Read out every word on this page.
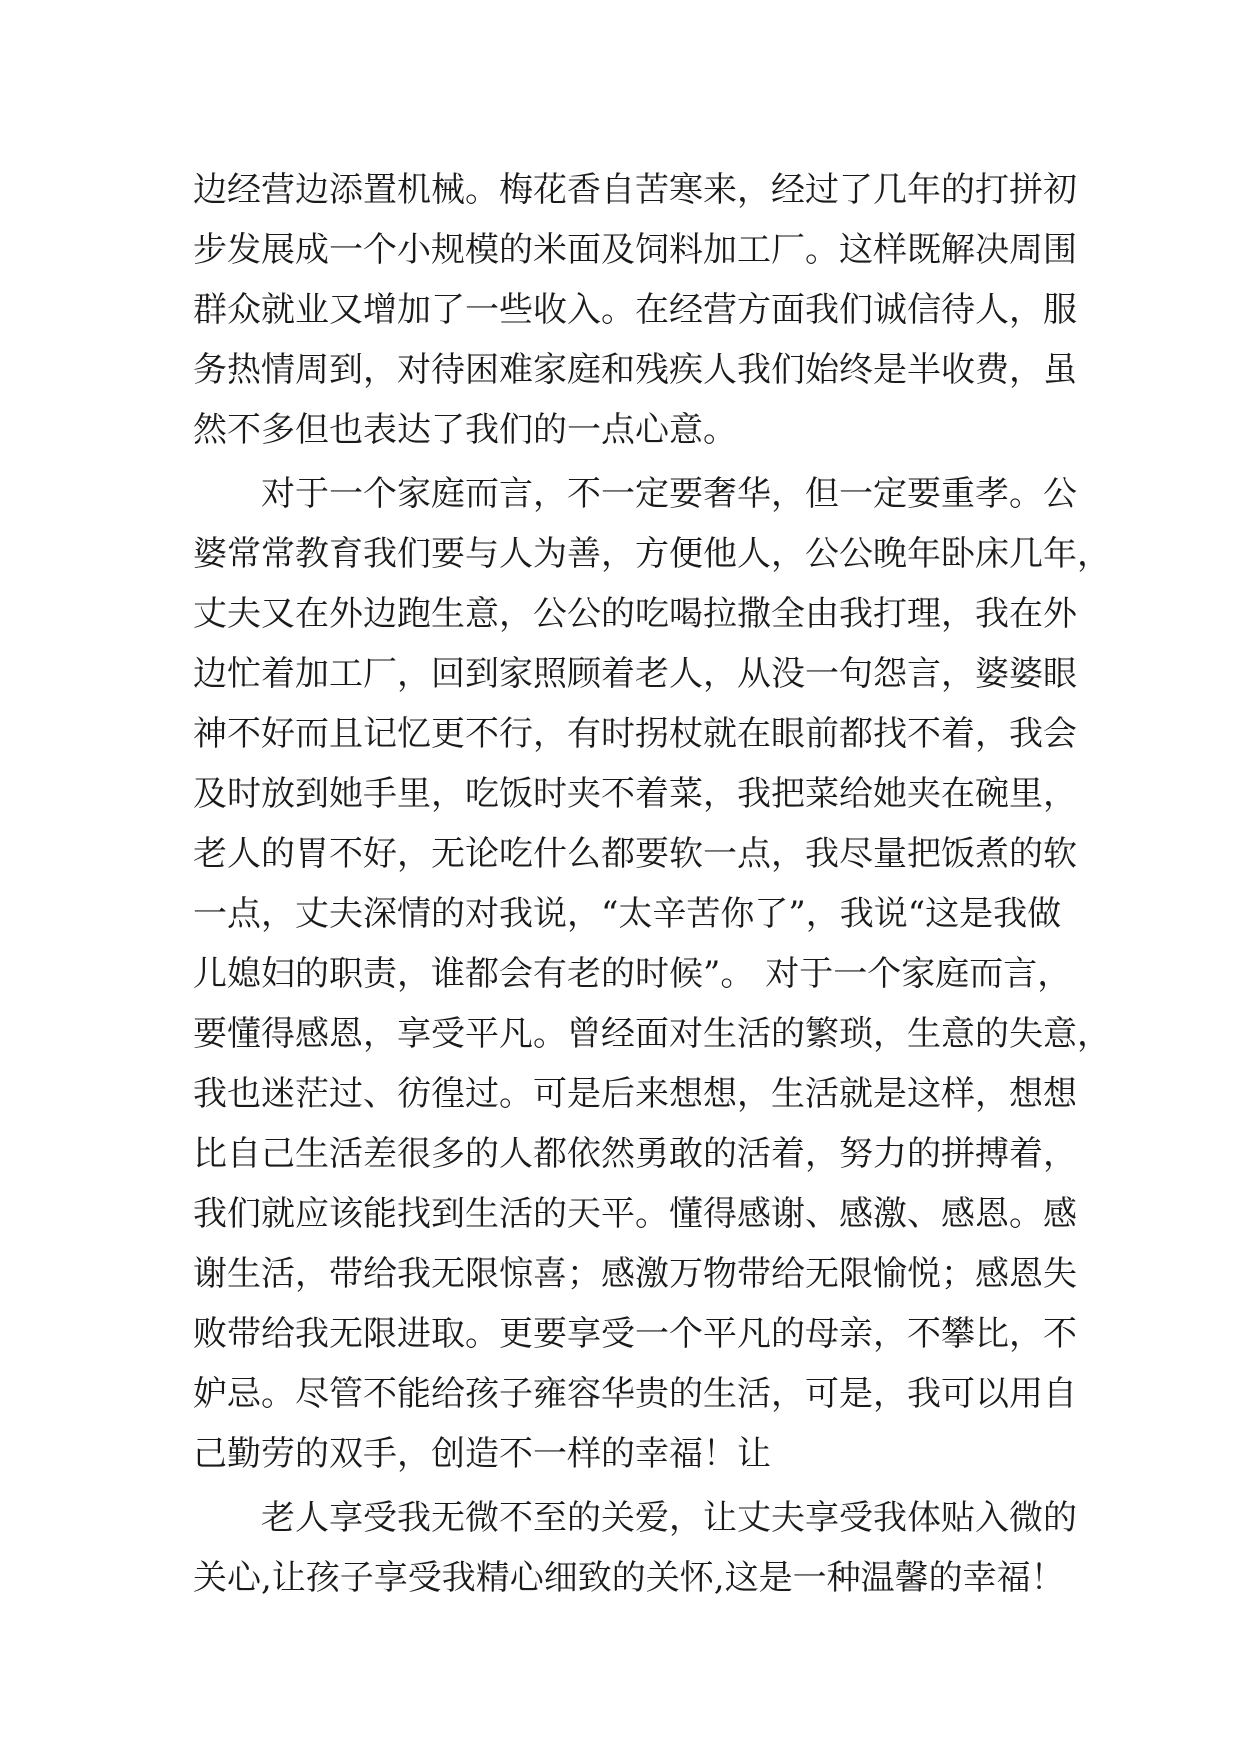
边经营边添置机械。梅花香自苦寒来，经过了几年的打拼初
步发展成一个小规模的米面及饲料加工厂。这样既解决周围
群众就业又增加了一些收入。在经营方面我们诚信待人，服
务热情周到，对待困难家庭和残疾人我们始终是半收费，虽
然不多但也表达了我们的一点心意。
对于一个家庭而言，不一定要奢华，但一定要重孝。公
婆常常教育我们要与人为善，方便他人，公公晚年卧床几年，
丈夫又在外边跑生意，公公的吃喝拉撒全由我打理，我在外
边忙着加工厂，回到家照顾着老人，从没一句怨言，婆婆眼
神不好而且记忆更不行，有时拐杖就在眼前都找不着，我会
及时放到她手里，吃饭时夹不着菜，我把菜给她夹在碗里，
老人的胃不好，无论吃什么都要软一点，我尽量把饭煮的软
一点，丈夫深情的对我说，“太辛苦你了”，我说“这是我做
儿媳妇的职责，谁都会有老的时候”。 对于一个家庭而言，
要懂得感恩，享受平凡。曾经面对生活的繁琐，生意的失意，
我也迷茫过、彷徨过。可是后来想想，生活就是这样，想想
比自己生活差很多的人都依然勇敢的活着，努力的拼搏着，
我们就应该能找到生活的天平。懂得感谢、感激、感恩。感
谢生活，带给我无限惊喜；感激万物带给无限愉悦；感恩失
败带给我无限进取。更要享受一个平凡的母亲，不攀比，不
妒忌。尽管不能给孩子雍容华贵的生活，可是，我可以用自
己勤劳的双手，创造不一样的幸福！让
老人享受我无微不至的关爱，让丈夫享受我体贴入微的
关心,让孩子享受我精心细致的关怀,这是一种温馨的幸福！
